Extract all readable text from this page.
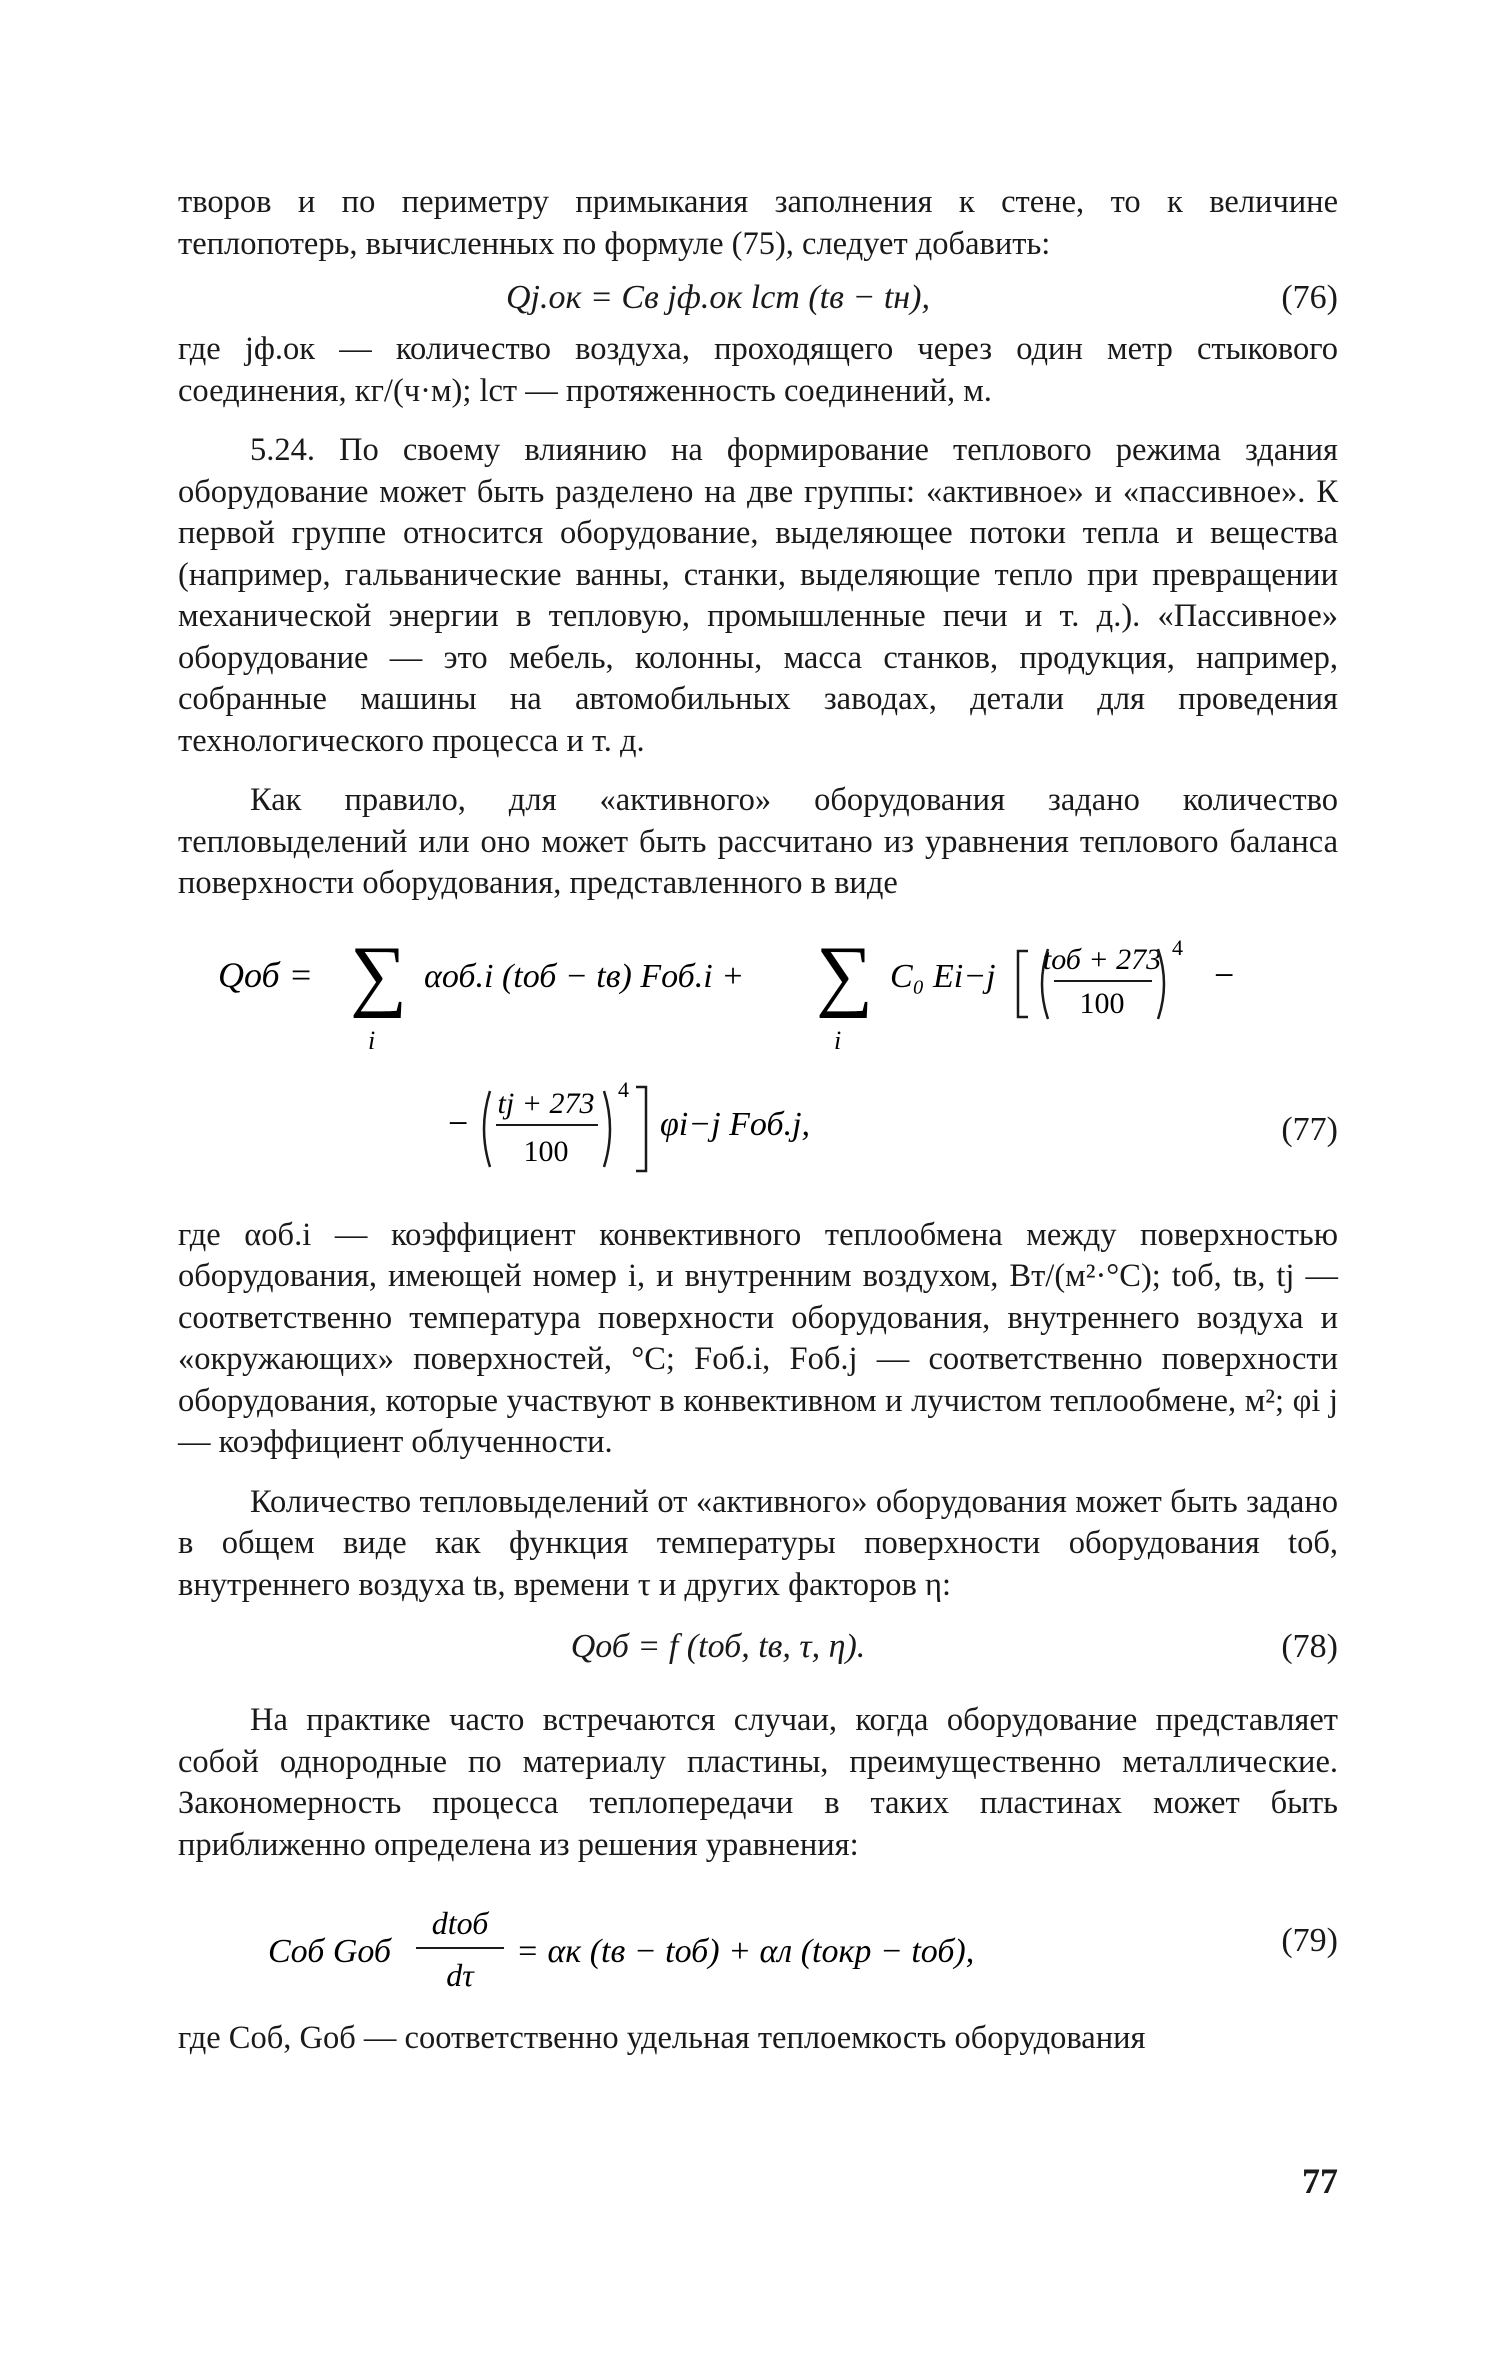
творов и по периметру примыкания заполнения к стене, то к величине теплопотерь, вычисленных по формуле (75), следует добавить:

Qj.ок = Cв jф.ок lст (tв − tн),	(76)

где jф.ок — количество воздуха, проходящего через один метр стыкового соединения, кг/(ч·м); lст — протяженность соединений, м.

5.24. По своему влиянию на формирование теплового режима здания оборудование может быть разделено на две группы: «активное» и «пассивное». К первой группе относится оборудование, выделяющее потоки тепла и вещества (например, гальванические ванны, станки, выделяющие тепло при превращении механической энергии в тепловую, промышленные печи и т. д.). «Пассивное» оборудование — это мебель, колонны, масса станков, продукция, например, собранные машины на автомобильных заводах, детали для проведения технологического процесса и т. д.

Как правило, для «активного» оборудования задано количество тепловыделений или оно может быть рассчитано из уравнения теплового баланса поверхности оборудования, представленного в виде

Qоб = ∑
i
αоб.i (tоб − tв) Fоб.i + ∑
i
C₀ Ei−j tоб + 273
100
4
−
− tj + 273
100
4
φi−j Fоб.j,	(77)

где αоб.i — коэффициент конвективного теплообмена между поверхностью оборудования, имеющей номер i, и внутренним воздухом, Вт/(м²·°С); tоб, tв, tj — соответственно температура поверхности оборудования, внутреннего воздуха и «окружающих» поверхностей, °С; Fоб.i, Fоб.j — соответственно поверхности оборудования, которые участвуют в конвективном и лучистом теплообмене, м²; φi j — коэффициент облученности.

Количество тепловыделений от «активного» оборудования может быть задано в общем виде как функция температуры поверхности оборудования tоб, внутреннего воздуха tв, времени τ и других факторов η:

Qоб = f (tоб, tв, τ, η).	(78)

На практике часто встречаются случаи, когда оборудование представляет собой однородные по материалу пластины, преимущественно металлические. Закономерность процесса теплопередачи в таких пластинах может быть приближенно определена из решения уравнения:

Cоб Gоб
dtоб
dτ
= αк (tв − tоб) + αл (tокр − tоб),	(79)

где Cоб, Gоб — соответственно удельная теплоемкость оборудования

77
